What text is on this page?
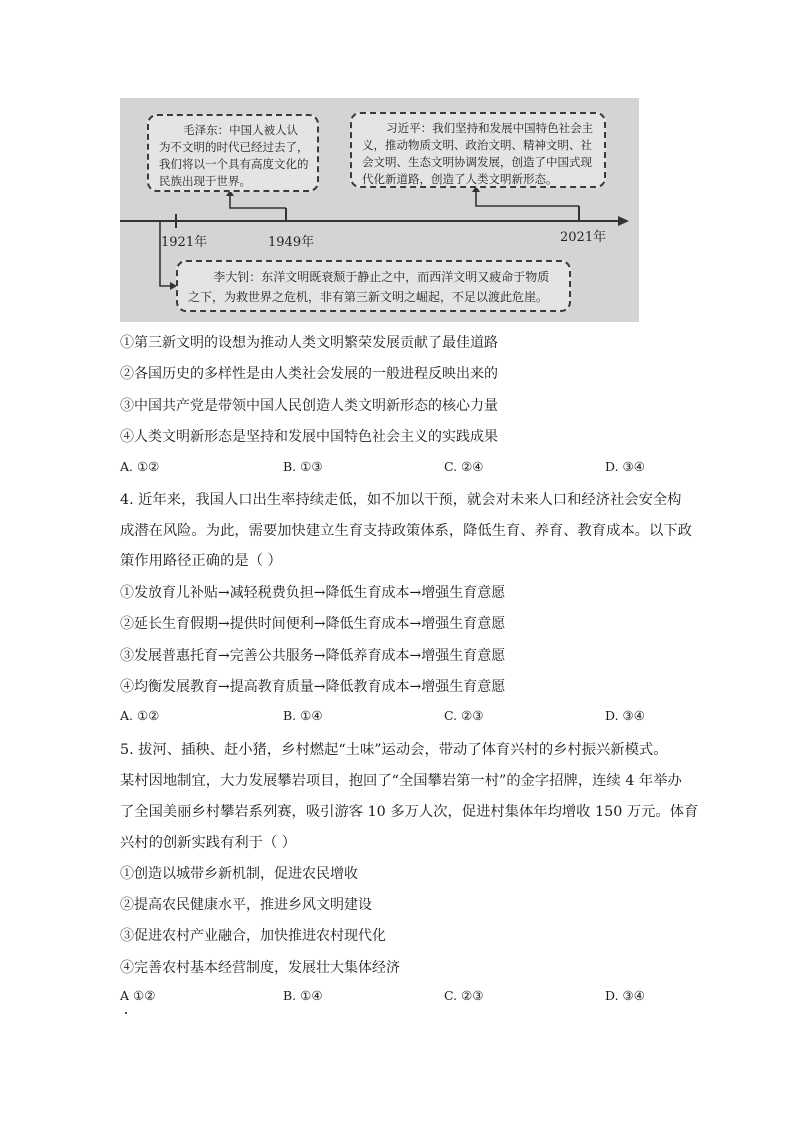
毛泽东：中国人被人认为不文明的时代已经过去了，我们将以一个具有高度文化的民族出现于世界。
习近平：我们坚持和发展中国特色社会主义，推动物质文明、政治文明、精神文明、社会文明、生态文明协调发展，创造了中国式现代化新道路，创造了人类文明新形态。
李大钊：东洋文明既衰颓于静止之中，而西洋文明又疲命于物质之下，为救世界之危机，非有第三新文明之崛起，不足以渡此危崖。
1921年	1949年	2021年
①第三新文明的设想为推动人类文明繁荣发展贡献了最佳道路
②各国历史的多样性是由人类社会发展的一般进程反映出来的
③中国共产党是带领中国人民创造人类文明新形态的核心力量
④人类文明新形态是坚持和发展中国特色社会主义的实践成果
A. ①②	B. ①③	C. ②④	D. ③④
4. 近年来，我国人口出生率持续走低，如不加以干预，就会对未来人口和经济社会安全构
成潜在风险。为此，需要加快建立生育支持政策体系，降低生育、养育、教育成本。以下政
策作用路径正确的是（ ）
①发放育儿补贴→减轻税费负担→降低生育成本→增强生育意愿
②延长生育假期→提供时间便利→降低生育成本→增强生育意愿
③发展普惠托育→完善公共服务→降低养育成本→增强生育意愿
④均衡发展教育→提高教育质量→降低教育成本→增强生育意愿
A. ①②	B. ①④	C. ②③	D. ③④
5. 拔河、插秧、赶小猪，乡村燃起“土味”运动会，带动了体育兴村的乡村振兴新模式。
某村因地制宜，大力发展攀岩项目，抱回了“全国攀岩第一村”的金字招牌，连续 4 年举办
了全国美丽乡村攀岩系列赛，吸引游客 10 多万人次，促进村集体年均增收 150 万元。体育
兴村的创新实践有利于（ ）
①创造以城带乡新机制，促进农民增收
②提高农民健康水平，推进乡风文明建设
③促进农村产业融合，加快推进农村现代化
④完善农村基本经营制度，发展壮大集体经济
A ①②	B. ①④	C. ②③	D. ③④
